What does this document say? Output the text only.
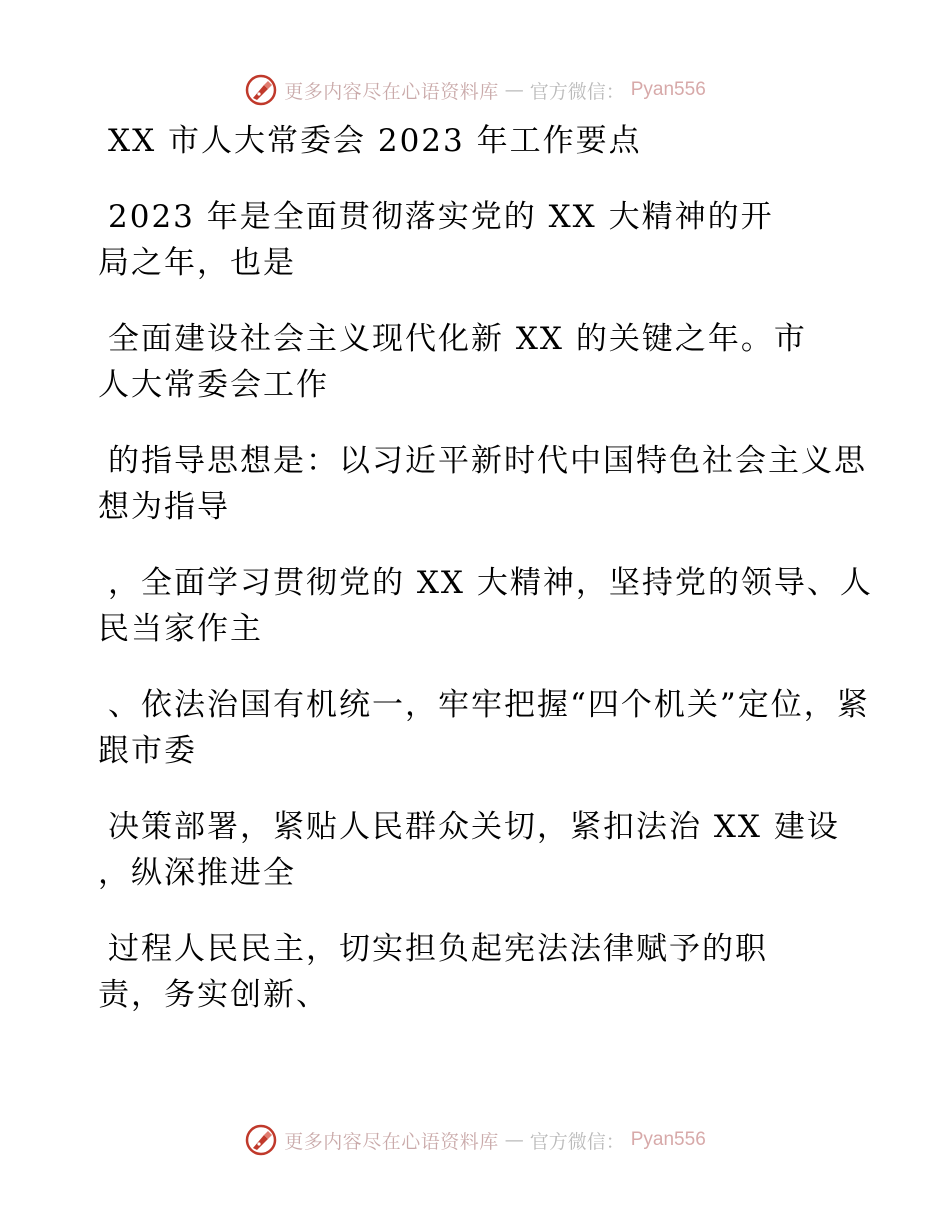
更多内容尽在心语资料库 — 官方微信： Pyan556
XX 市人大常委会 2023 年工作要点
2023 年是全面贯彻落实党的 XX 大精神的开
局之年，也是
全面建设社会主义现代化新 XX 的关键之年。市
人大常委会工作
的指导思想是：以习近平新时代中国特色社会主义思
想为指导
，全面学习贯彻党的 XX 大精神，坚持党的领导、人
民当家作主
、依法治国有机统一，牢牢把握“四个机关”定位，紧
跟市委
决策部署，紧贴人民群众关切，紧扣法治 XX 建设
，纵深推进全
过程人民民主，切实担负起宪法法律赋予的职
责，务实创新、
更多内容尽在心语资料库 — 官方微信： Pyan556
